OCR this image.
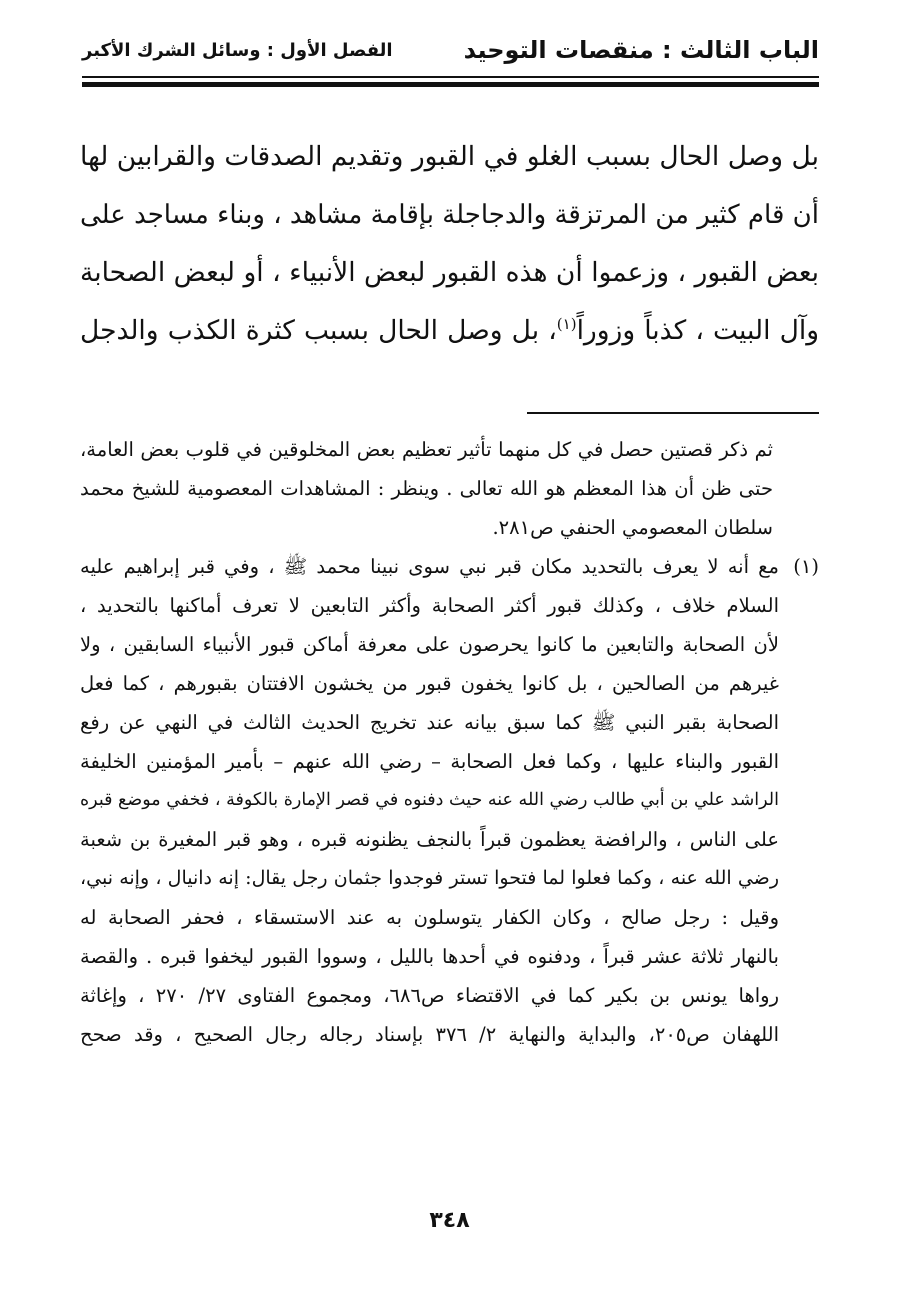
الباب الثالث : منقصات التوحيد
الفصل الأول : وسائل الشرك الأكبر
بل وصل الحال بسبب الغلو في القبور وتقديم الصدقات والقرابين لها
أن قام كثير من المرتزقة والدجاجلة بإقامة مشاهد ، وبناء مساجد على
بعض القبور ، وزعموا أن هذه القبور لبعض الأنبياء ، أو لبعض الصحابة
وآل البيت ، كذباً وزوراً$^{(١)}$، بل وصل الحال بسبب كثرة الكذب والدجل
ثم ذكر قصتين حصل في كل منهما تأثير تعظيم بعض المخلوقين في قلوب بعض العامة،
حتى ظن أن هذا المعظم هو الله تعالى . وينظر : المشاهدات المعصومية للشيخ محمد
سلطان المعصومي الحنفي ص٢٨١.
(١)
مع أنه لا يعرف بالتحديد مكان قبر نبي سوى نبينا محمد ﷺ ، وفي قبر إبراهيم عليه
السلام خلاف ، وكذلك قبور أكثر الصحابة وأكثر التابعين لا تعرف أماكنها بالتحديد ،
لأن الصحابة والتابعين ما كانوا يحرصون على معرفة أماكن قبور الأنبياء السابقين ، ولا
غيرهم من الصالحين ، بل كانوا يخفون قبور من يخشون الافتتان بقبورهم ، كما فعل
الصحابة بقبر النبي ﷺ كما سبق بيانه عند تخريج الحديث الثالث في النهي عن رفع
القبور والبناء عليها ، وكما فعل الصحابة – رضي الله عنهم – بأمير المؤمنين الخليفة
الراشد علي بن أبي طالب رضي الله عنه حيث دفنوه في قصر الإمارة بالكوفة ، فخفي موضع قبره
على الناس ، والرافضة يعظمون قبراً بالنجف يظنونه قبره ، وهو قبر المغيرة بن شعبة
رضي الله عنه ، وكما فعلوا لما فتحوا تستر فوجدوا جثمان رجل يقال: إنه دانيال ، وإنه نبي،
وقيل : رجل صالح ، وكان الكفار يتوسلون به عند الاستسقاء ، فحفر الصحابة له
بالنهار ثلاثة عشر قبراً ، ودفنوه في أحدها بالليل ، وسووا القبور ليخفوا قبره . والقصة
رواها يونس بن بكير كما في الاقتضاء ص٦٨٦، ومجموع الفتاوى ٢٧/ ٢٧٠ ، وإغاثة
اللهفان ص٢٠٥، والبداية والنهاية ٢/ ٣٧٦ بإسناد رجاله رجال الصحيح ، وقد صحح
٣٤٨
